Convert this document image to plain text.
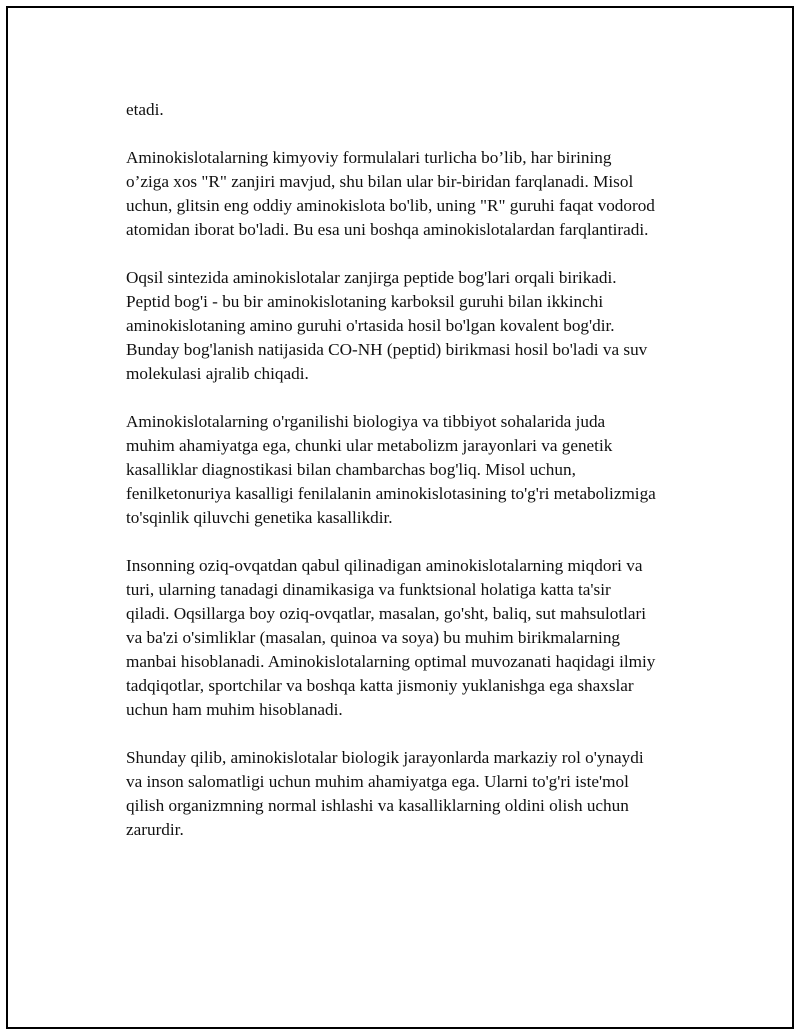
etadi.

Aminokislotalarning kimyoviy formulalari turlicha bo’lib, har birining
o’ziga xos "R" zanjiri mavjud, shu bilan ular bir-biridan farqlanadi. Misol
uchun, glitsin eng oddiy aminokislota bo'lib, uning "R" guruhi faqat vodorod
atomidan iborat bo'ladi. Bu esa uni boshqa aminokislotalardan farqlantiradi.

Oqsil sintezida aminokislotalar zanjirga peptide bog'lari orqali birikadi.
Peptid bog'i - bu bir aminokislotaning karboksil guruhi bilan ikkinchi
aminokislotaning amino guruhi o'rtasida hosil bo'lgan kovalent bog'dir.
Bunday bog'lanish natijasida CO-NH (peptid) birikmasi hosil bo'ladi va suv
molekulasi ajralib chiqadi.

Aminokislotalarning o'rganilishi biologiya va tibbiyot sohalarida juda
muhim ahamiyatga ega, chunki ular metabolizm jarayonlari va genetik
kasalliklar diagnostikasi bilan chambarchas bog'liq. Misol uchun,
fenilketonuriya kasalligi fenilalanin aminokislotasining to'g'ri metabolizmiga
to'sqinlik qiluvchi genetika kasallikdir.

Insonning oziq-ovqatdan qabul qilinadigan aminokislotalarning miqdori va
turi, ularning tanadagi dinamikasiga va funktsional holatiga katta ta'sir
qiladi. Oqsillarga boy oziq-ovqatlar, masalan, go'sht, baliq, sut mahsulotlari
va ba'zi o'simliklar (masalan, quinoa va soya) bu muhim birikmalarning
manbai hisoblanadi. Aminokislotalarning optimal muvozanati haqidagi ilmiy
tadqiqotlar, sportchilar va boshqa katta jismoniy yuklanishga ega shaxslar
uchun ham muhim hisoblanadi.

Shunday qilib, aminokislotalar biologik jarayonlarda markaziy rol o'ynaydi
va inson salomatligi uchun muhim ahamiyatga ega. Ularni to'g'ri iste'mol
qilish organizmning normal ishlashi va kasalliklarning oldini olish uchun
zarurdir.
